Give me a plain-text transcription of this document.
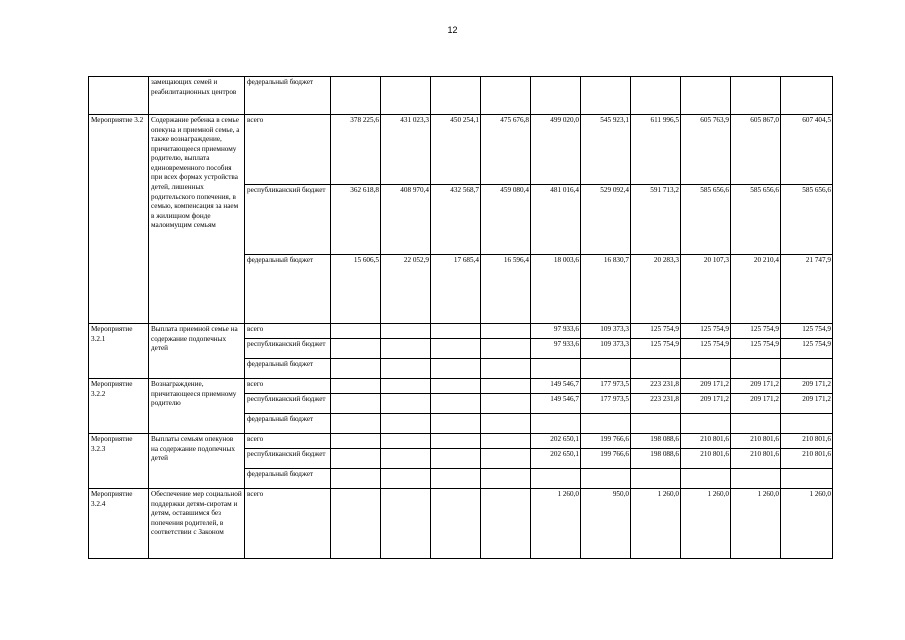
12
	замещающих семей и реабилитационных центров	федеральный бюджет										
Мероприятие 3.2	Содержание ребенка в семье опекуна и приемной семье, а также вознаграждение, причитающееся приемному родителю, выплата единовременного пособия при всех формах устройства детей, лишенных родительского попечения, в семью, компенсация за наем в жилищном фонде малоимущим семьям	всего	378 225,6	431 023,3	450 254,1	475 676,8	499 020,0	545 923,1	611 996,5	605 763,9	605 867,0	607 404,5
		республиканский бюджет	362 618,8	408 970,4	432 568,7	459 080,4	481 016,4	529 092,4	591 713,2	585 656,6	585 656,6	585 656,6
		федеральный бюджет	15 606,5	22 052,9	17 685,4	16 596,4	18 003,6	16 830,7	20 283,3	20 107,3	20 210,4	21 747,9
Мероприятие 3.2.1	Выплата приемной семье на содержание подопечных детей	всего					97 933,6	109 373,3	125 754,9	125 754,9	125 754,9	125 754,9
		республиканский бюджет					97 933,6	109 373,3	125 754,9	125 754,9	125 754,9	125 754,9
		федеральный бюджет										
Мероприятие 3.2.2	Вознаграждение, причитающееся приемному родителю	всего					149 546,7	177 973,5	223 231,8	209 171,2	209 171,2	209 171,2
		республиканский бюджет					149 546,7	177 973,5	223 231,8	209 171,2	209 171,2	209 171,2
		федеральный бюджет										
Мероприятие 3.2.3	Выплаты семьям опекунов на содержание подопечных детей	всего					202 650,1	199 766,6	198 088,6	210 801,6	210 801,6	210 801,6
		республиканский бюджет					202 650,1	199 766,6	198 088,6	210 801,6	210 801,6	210 801,6
		федеральный бюджет										
Мероприятие 3.2.4	Обеспечение мер социальной поддержки детям-сиротам и детям, оставшимся без попечения родителей, в соответствии с Законом	всего					1 260,0	950,0	1 260,0	1 260,0	1 260,0	1 260,0
